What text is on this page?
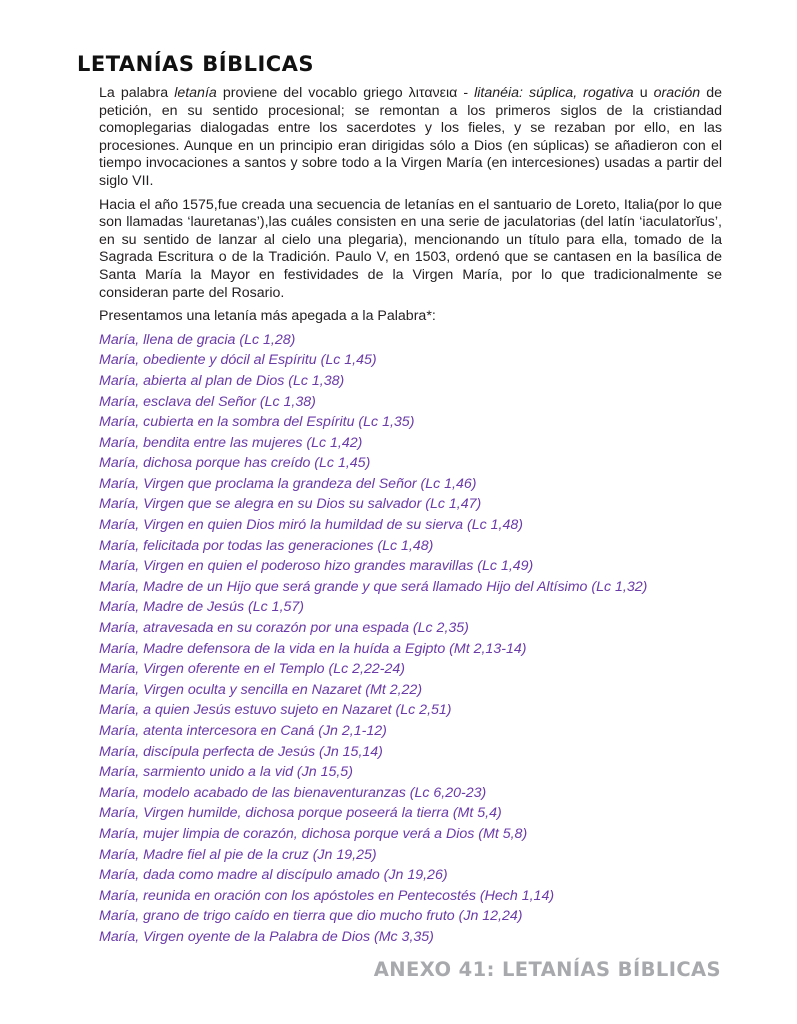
LETANÍAS BÍBLICAS

La palabra letanía proviene del vocablo griego λιτανεια - litanéia: súplica, rogativa u oración de petición, en su sentido procesional; se remontan a los primeros siglos de la cristiandad comoplegarias dialogadas entre los sacerdotes y los fieles, y se rezaban por ello, en las procesiones. Aunque en un principio eran dirigidas sólo a Dios (en súplicas) se añadieron con el tiempo invocaciones a santos y sobre todo a la Virgen María (en intercesiones) usadas a partir del siglo VII.

Hacia el año 1575,fue creada una secuencia de letanías en el santuario de Loreto, Italia(por lo que son llamadas ‘lauretanas’),las cuáles consisten en una serie de jaculatorias (del latín ‘iaculatorĭus’, en su sentido de lanzar al cielo una plegaria), mencionando un título para ella, tomado de la Sagrada Escritura o de la Tradición. Paulo V, en 1503, ordenó que se cantasen en la basílica de Santa María la Mayor en festividades de la Virgen María, por lo que tradicionalmente se consideran parte del Rosario.

Presentamos una letanía más apegada a la Palabra*:

María, llena de gracia (Lc 1,28)
María, obediente y dócil al Espíritu (Lc 1,45)
María, abierta al plan de Dios (Lc 1,38)
María, esclava del Señor (Lc 1,38)
María, cubierta en la sombra del Espíritu (Lc 1,35)
María, bendita entre las mujeres (Lc 1,42)
María, dichosa porque has creído (Lc 1,45)
María, Virgen que proclama la grandeza del Señor (Lc 1,46)
María, Virgen que se alegra en su Dios su salvador (Lc 1,47)
María, Virgen en quien Dios miró la humildad de su sierva (Lc 1,48)
María, felicitada por todas las generaciones (Lc 1,48)
María, Virgen en quien el poderoso hizo grandes maravillas (Lc 1,49)
María, Madre de un Hijo que será grande y que será llamado Hijo del Altísimo (Lc 1,32)
María, Madre de Jesús (Lc 1,57)
María, atravesada en su corazón por una espada (Lc 2,35)
María, Madre defensora de la vida en la huída a Egipto (Mt 2,13-14)
María, Virgen oferente en el Templo (Lc 2,22-24)
María, Virgen oculta y sencilla en Nazaret (Mt 2,22)
María, a quien Jesús estuvo sujeto en Nazaret (Lc 2,51)
María, atenta intercesora en Caná (Jn 2,1-12)
María, discípula perfecta de Jesús (Jn 15,14)
María, sarmiento unido a la vid (Jn 15,5)
María, modelo acabado de las bienaventuranzas (Lc 6,20-23)
María, Virgen humilde, dichosa porque poseerá la tierra (Mt 5,4)
María, mujer limpia de corazón, dichosa porque verá a Dios (Mt 5,8)
María, Madre fiel al pie de la cruz (Jn 19,25)
María, dada como madre al discípulo amado (Jn 19,26)
María, reunida en oración con los apóstoles en Pentecostés (Hech 1,14)
María, grano de trigo caído en tierra que dio mucho fruto (Jn 12,24)
María, Virgen oyente de la Palabra de Dios (Mc 3,35)
ANEXO 41: LETANÍAS BÍBLICAS
